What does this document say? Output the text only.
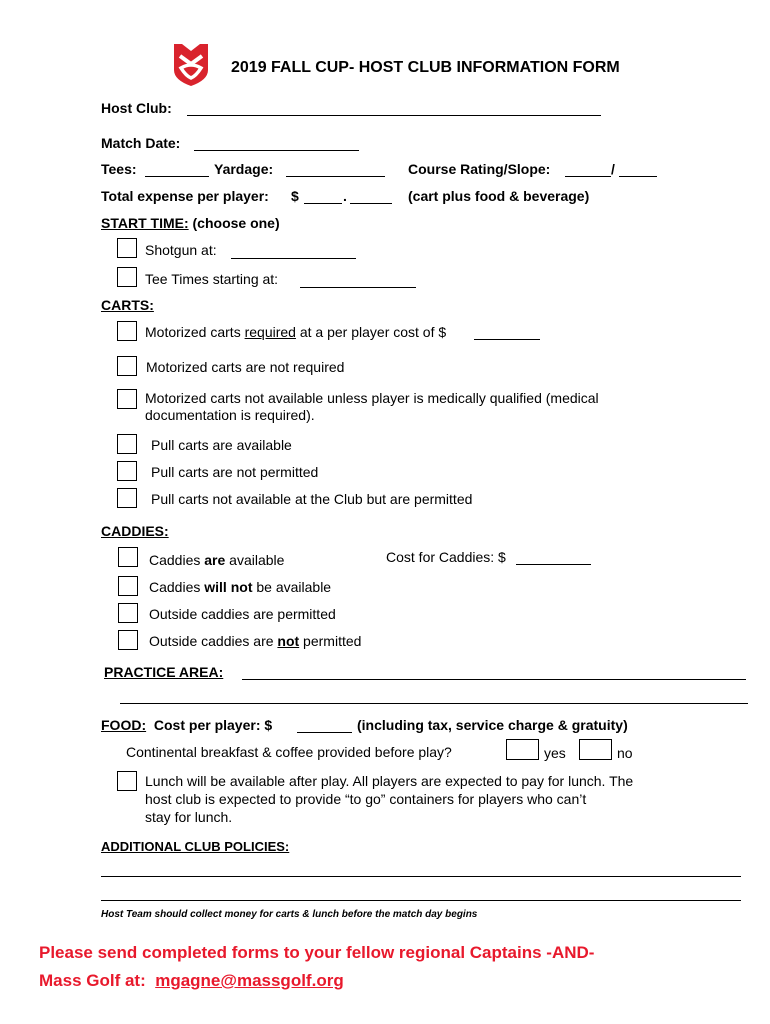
2019 FALL CUP- HOST CLUB INFORMATION FORM
Host Club:
Match Date:
Tees:	Yardage:	Course Rating/Slope:	/
Total expense per player: $	.	(cart plus food & beverage)
START TIME: (choose one)
Shotgun at:
Tee Times starting at:
CARTS:
Motorized carts required at a per player cost of $
Motorized carts are not required
Motorized carts not available unless player is medically qualified (medical
documentation is required).
Pull carts are available
Pull carts are not permitted
Pull carts not available at the Club but are permitted
CADDIES:
Caddies are available	Cost for Caddies: $
Caddies will not be available
Outside caddies are permitted
Outside caddies are not permitted
PRACTICE AREA:
FOOD: Cost per player: $	(including tax, service charge & gratuity)
Continental breakfast & coffee provided before play?	yes	no
Lunch will be available after play. All players are expected to pay for lunch. The
host club is expected to provide “to go” containers for players who can’t
stay for lunch.
ADDITIONAL CLUB POLICIES:
Host Team should collect money for carts & lunch before the match day begins
Please send completed forms to your fellow regional Captains -AND-
Mass Golf at: mgagne@massgolf.org
